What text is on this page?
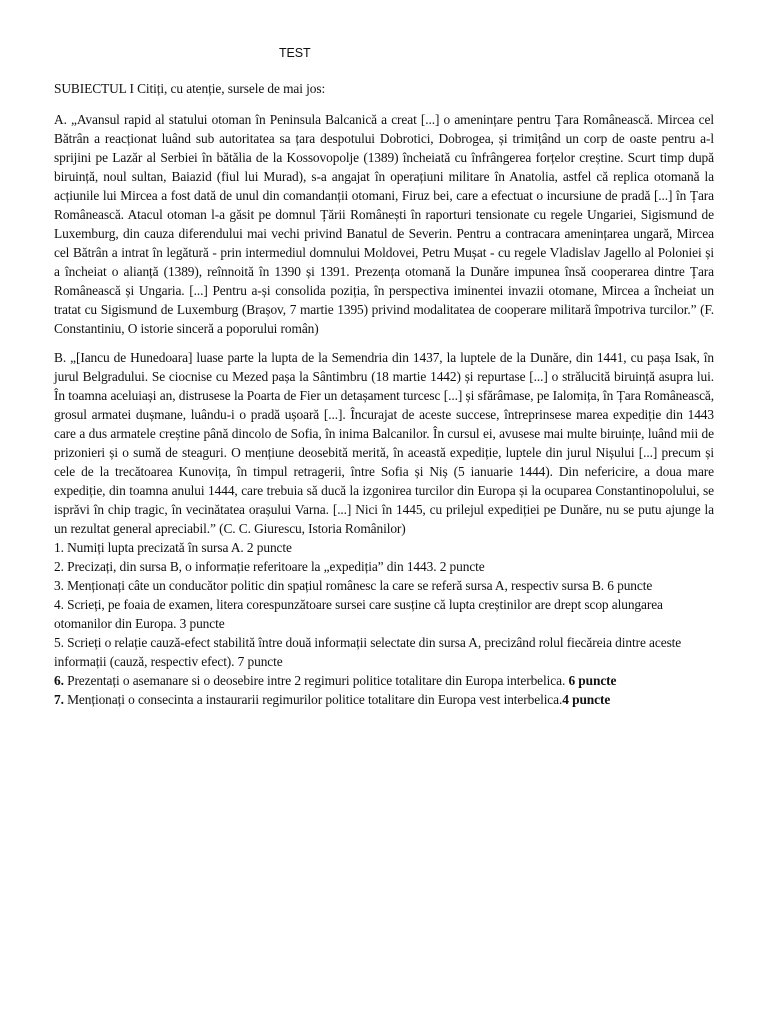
TEST

SUBIECTUL I Citiți, cu atenție, sursele de mai jos:

A. „Avansul rapid al statului otoman în Peninsula Balcanică a creat [...] o amenințare pentru Țara Românească. Mircea cel Bătrân a reacționat luând sub autoritatea sa țara despotului Dobrotici, Dobrogea, și trimițând un corp de oaste pentru a-l sprijini pe Lazăr al Serbiei în bătălia de la Kossovopolje (1389) încheiată cu înfrângerea forțelor creștine. Scurt timp după biruință, noul sultan, Baiazid (fiul lui Murad), s-a angajat în operațiuni militare în Anatolia, astfel că replica otomană la acțiunile lui Mircea a fost dată de unul din comandanții otomani, Firuz bei, care a efectuat o incursiune de pradă [...] în Țara Românească. Atacul otoman l-a găsit pe domnul Țării Românești în raporturi tensionate cu regele Ungariei, Sigismund de Luxemburg, din cauza diferendului mai vechi privind Banatul de Severin. Pentru a contracara amenințarea ungară, Mircea cel Bătrân a intrat în legătură - prin intermediul domnului Moldovei, Petru Mușat - cu regele Vladislav Jagello al Poloniei și a încheiat o alianță (1389), reînnoită în 1390 și 1391. Prezența otomană la Dunăre impunea însă cooperarea dintre Țara Românească și Ungaria. [...] Pentru a-și consolida poziția, în perspectiva iminentei invazii otomane, Mircea a încheiat un tratat cu Sigismund de Luxemburg (Brașov, 7 martie 1395) privind modalitatea de cooperare militară împotriva turcilor.” (F. Constantiniu, O istorie sinceră a poporului român)

B. „[Iancu de Hunedoara] luase parte la lupta de la Semendria din 1437, la luptele de la Dunăre, din 1441, cu pașa Isak, în jurul Belgradului. Se ciocnise cu Mezed pașa la Sântimbru (18 martie 1442) și repurtase [...] o strălucită biruință asupra lui. În toamna aceluiași an, distrusese la Poarta de Fier un detașament turcesc [...] și sfărâmase, pe Ialomița, în Țara Românească, grosul armatei dușmane, luându-i o pradă ușoară [...]. Încurajat de aceste succese, întreprinsese marea expediție din 1443 care a dus armatele creștine până dincolo de Sofia, în inima Balcanilor. În cursul ei, avusese mai multe biruințe, luând mii de prizonieri și o sumă de steaguri. O mențiune deosebită merită, în această expediție, luptele din jurul Nișului [...] precum și cele de la trecătoarea Kunovița, în timpul retragerii, între Sofia și Niș (5 ianuarie 1444). Din nefericire, a doua mare expediție, din toamna anului 1444, care trebuia să ducă la izgonirea turcilor din Europa și la ocuparea Constantinopolului, se isprăvi în chip tragic, în vecinătatea orașului Varna. [...] Nici în 1445, cu prilejul expediției pe Dunăre, nu se putu ajunge la un rezultat general apreciabil.” (C. C. Giurescu, Istoria Românilor)

1. Numiți lupta precizată în sursa A. 2 puncte

2. Precizați, din sursa B, o informație referitoare la „expediția” din 1443. 2 puncte

3. Menționați câte un conducător politic din spațiul românesc la care se referă sursa A, respectiv sursa B. 6 puncte

4. Scrieți, pe foaia de examen, litera corespunzătoare sursei care susține că lupta creștinilor are drept scop alungarea otomanilor din Europa. 3 puncte

5. Scrieți o relație cauză-efect stabilită între două informații selectate din sursa A, precizând rolul fiecăreia dintre aceste informații (cauză, respectiv efect). 7 puncte

6. Prezentați o asemanare si o deosebire intre 2 regimuri politice totalitare din Europa interbelica. 6 puncte

7. Menționați o consecinta a instaurarii regimurilor politice totalitare din Europa vest interbelica.4 puncte
